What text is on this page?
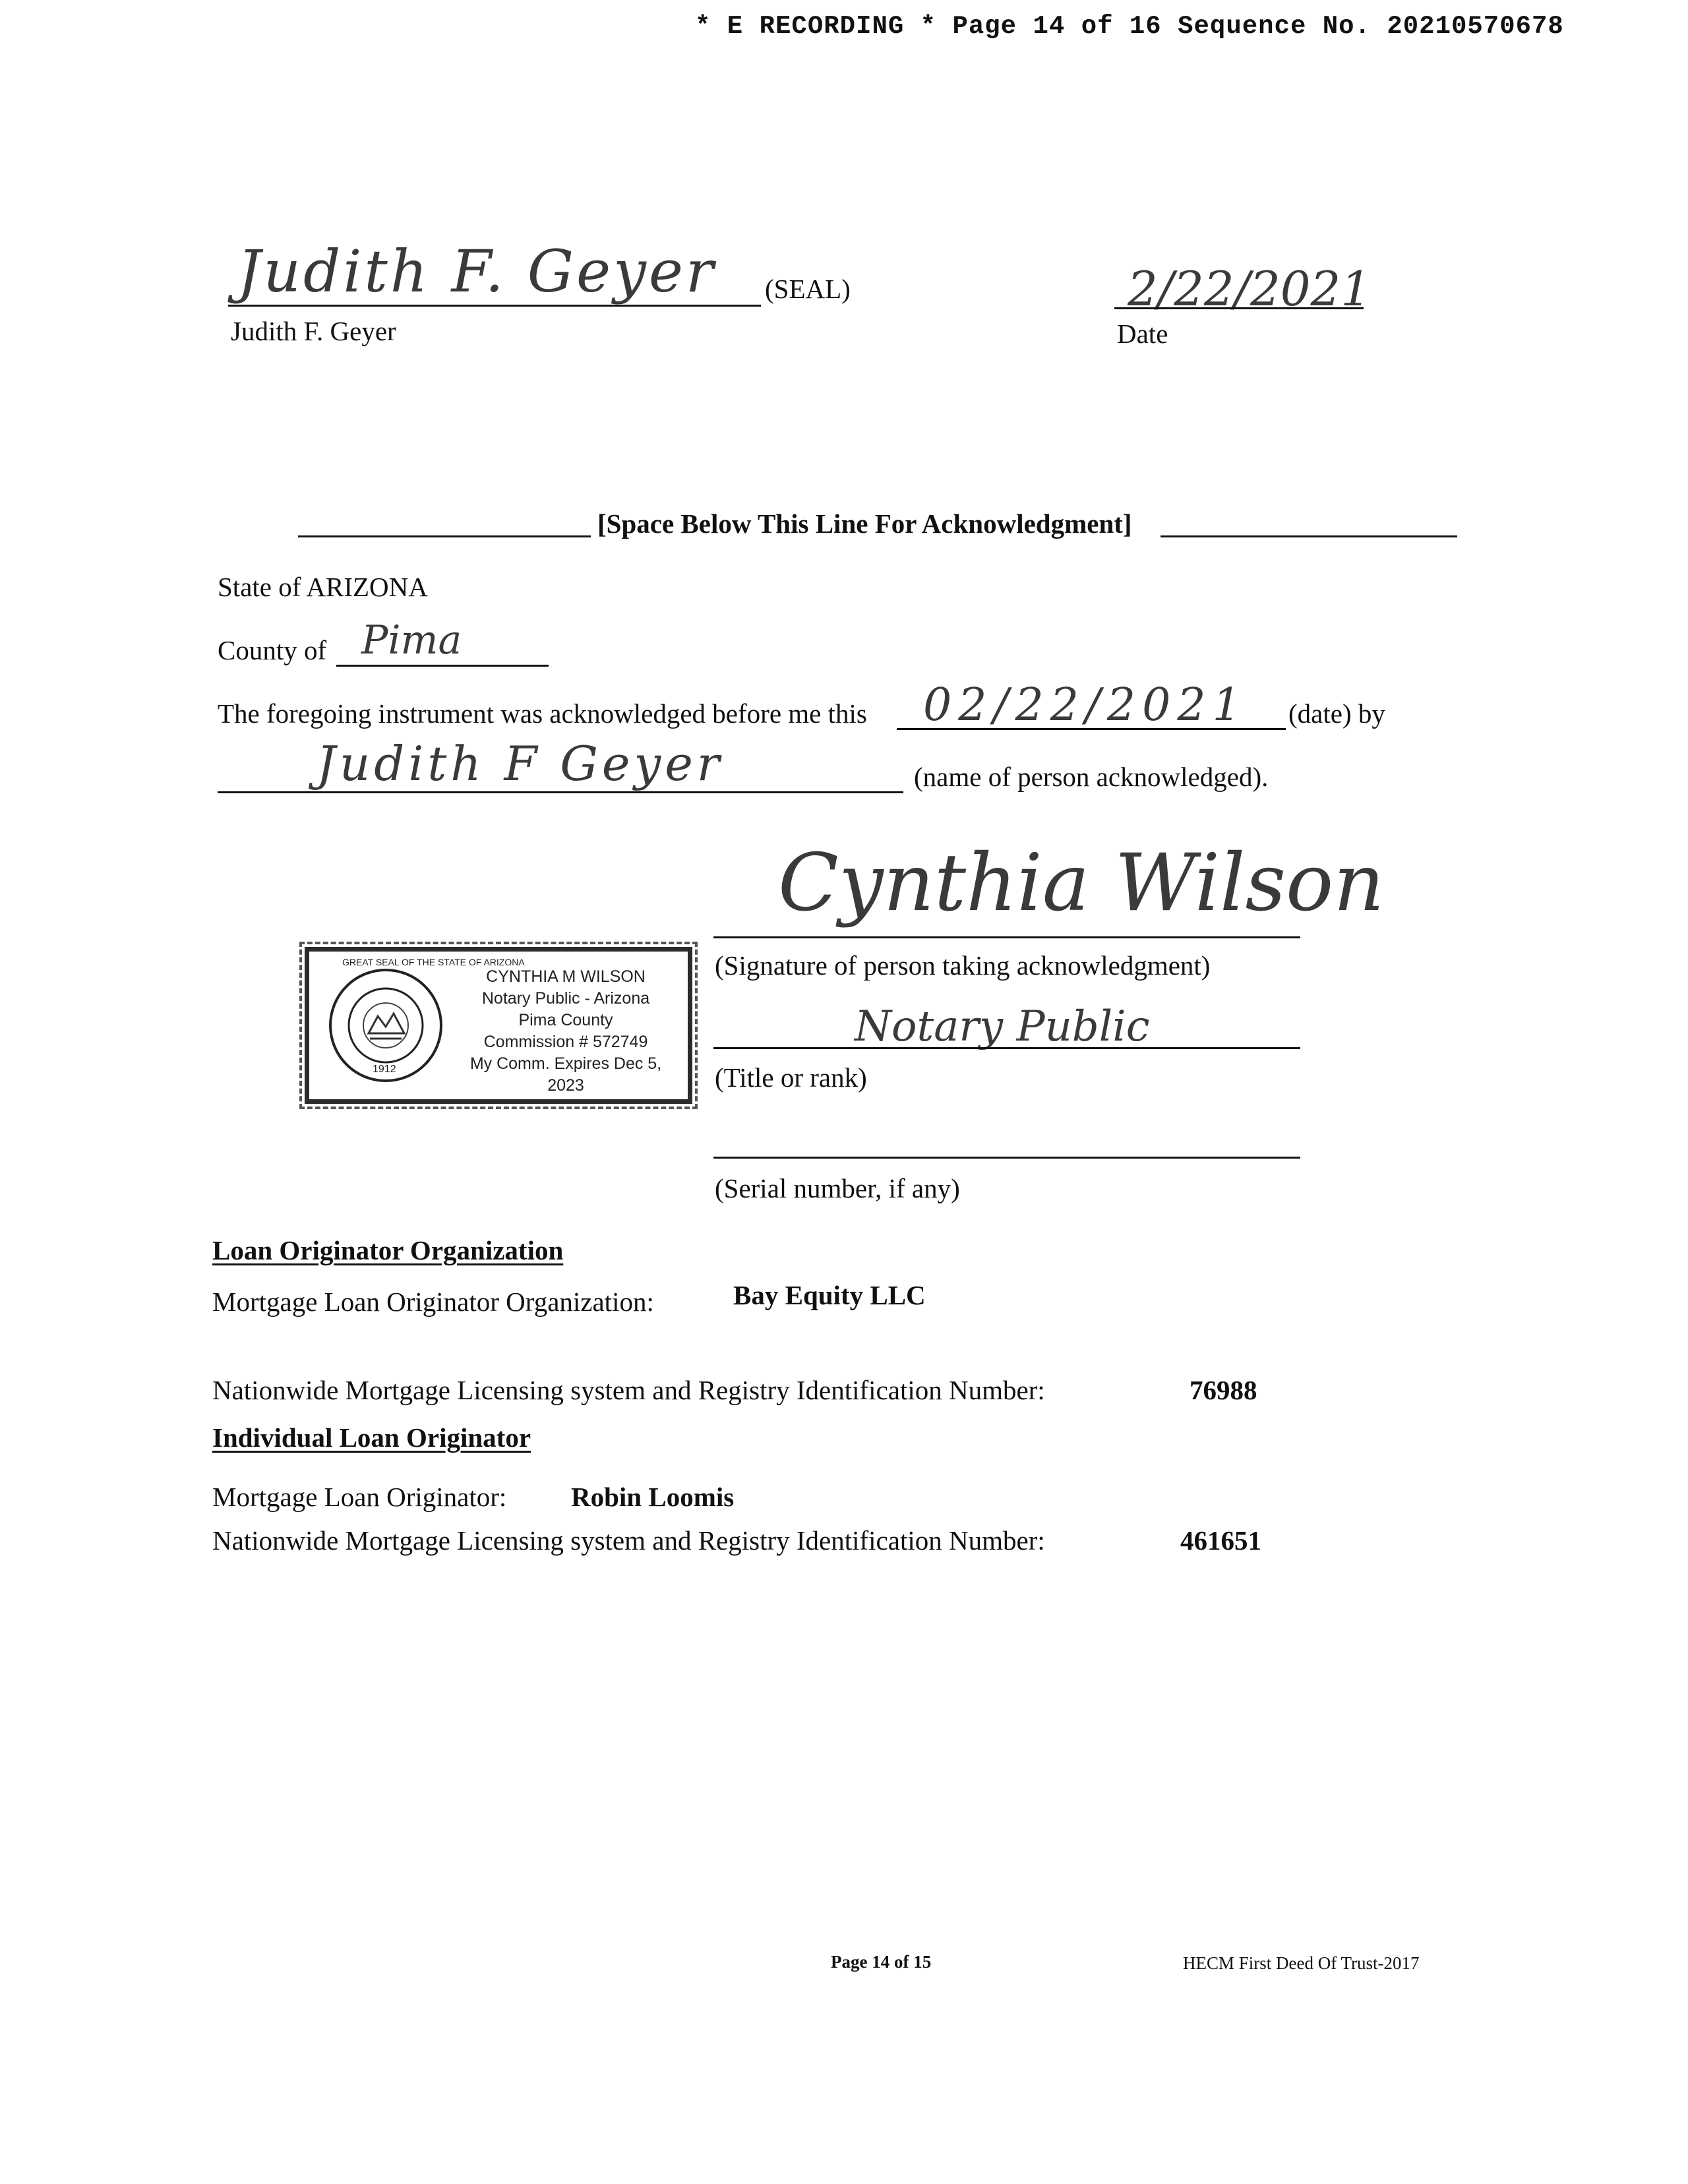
* E RECORDING * Page 14 of 16 Sequence No. 20210570678
Judith F. Geyer (SEAL)
Judith F. Geyer
2/22/2021
Date
[Space Below This Line For Acknowledgment]
State of ARIZONA
County of Pima
The foregoing instrument was acknowledged before me this 02/22/2021 (date) by
Judith F Geyer	(name of person acknowledged).
Cynthia Wilson
(Signature of person taking acknowledgment)
Notary Public
(Title or rank)
(Serial number, if any)
GREAT SEAL OF THE STATE OF ARIZONA
1912
CYNTHIA M WILSON
Notary Public - Arizona
Pima County
Commission # 572749
My Comm. Expires Dec 5, 2023
Loan Originator Organization
Mortgage Loan Originator Organization:	Bay Equity LLC
Nationwide Mortgage Licensing system and Registry Identification Number:	76988
Individual Loan Originator
Mortgage Loan Originator: Robin Loomis
Nationwide Mortgage Licensing system and Registry Identification Number:	461651
Page 14 of 15	HECM First Deed Of Trust-2017
